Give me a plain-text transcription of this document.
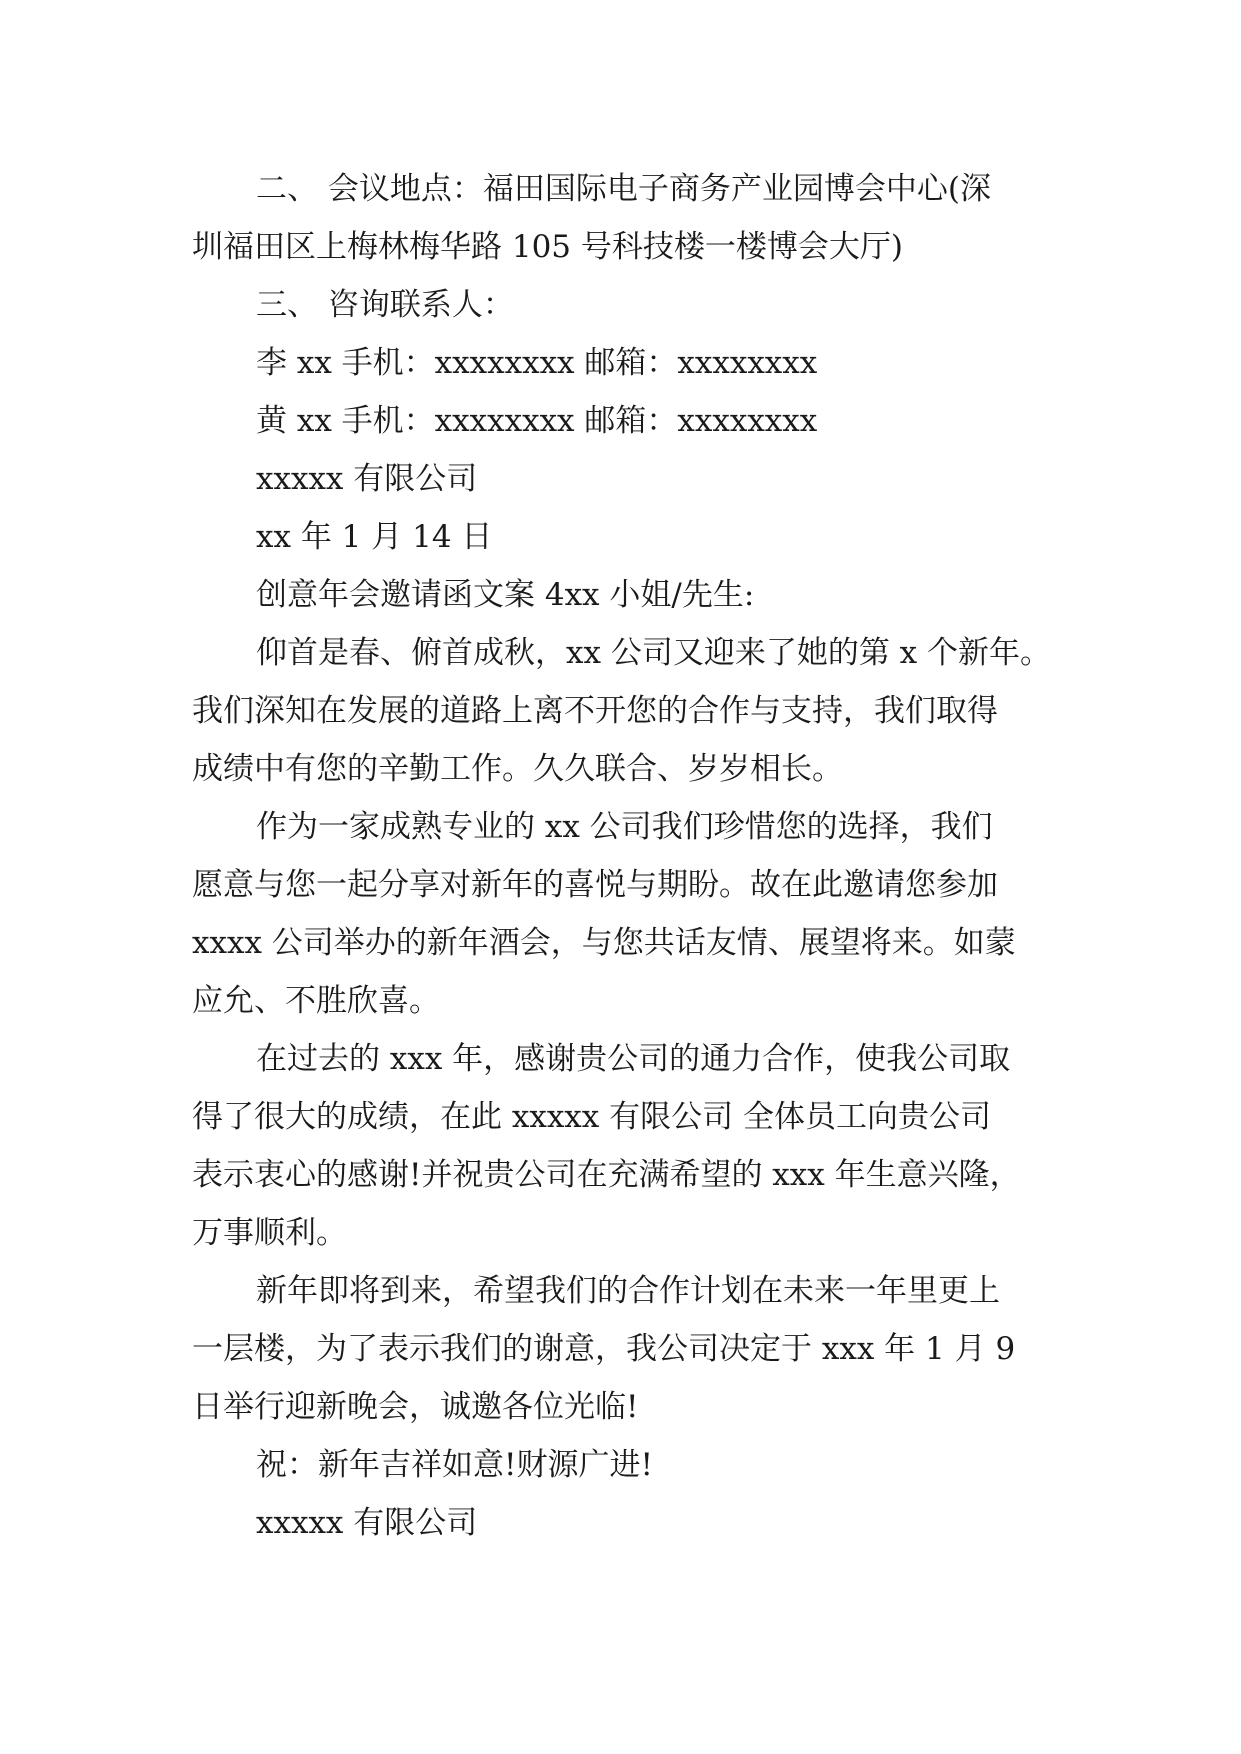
二、 会议地点：福田国际电子商务产业园博会中心(深
圳福田区上梅林梅华路 105 号科技楼一楼博会大厅)
三、 咨询联系人：
李 xx 手机：xxxxxxxx 邮箱：xxxxxxxx
黄 xx 手机：xxxxxxxx 邮箱：xxxxxxxx
xxxxx 有限公司
xx 年 1 月 14 日
创意年会邀请函文案 4xx 小姐/先生:
仰首是春、俯首成秋，xx 公司又迎来了她的第 x 个新年。
我们深知在发展的道路上离不开您的合作与支持，我们取得
成绩中有您的辛勤工作。久久联合、岁岁相长。
作为一家成熟专业的 xx 公司我们珍惜您的选择，我们
愿意与您一起分享对新年的喜悦与期盼。故在此邀请您参加
xxxx 公司举办的新年酒会，与您共话友情、展望将来。如蒙
应允、不胜欣喜。
在过去的 xxx 年，感谢贵公司的通力合作，使我公司取
得了很大的成绩，在此 xxxxx 有限公司 全体员工向贵公司
表示衷心的感谢!并祝贵公司在充满希望的 xxx 年生意兴隆，
万事顺利。
新年即将到来，希望我们的合作计划在未来一年里更上
一层楼，为了表示我们的谢意，我公司决定于 xxx 年 1 月 9
日举行迎新晚会，诚邀各位光临!
祝：新年吉祥如意!财源广进!
xxxxx 有限公司
